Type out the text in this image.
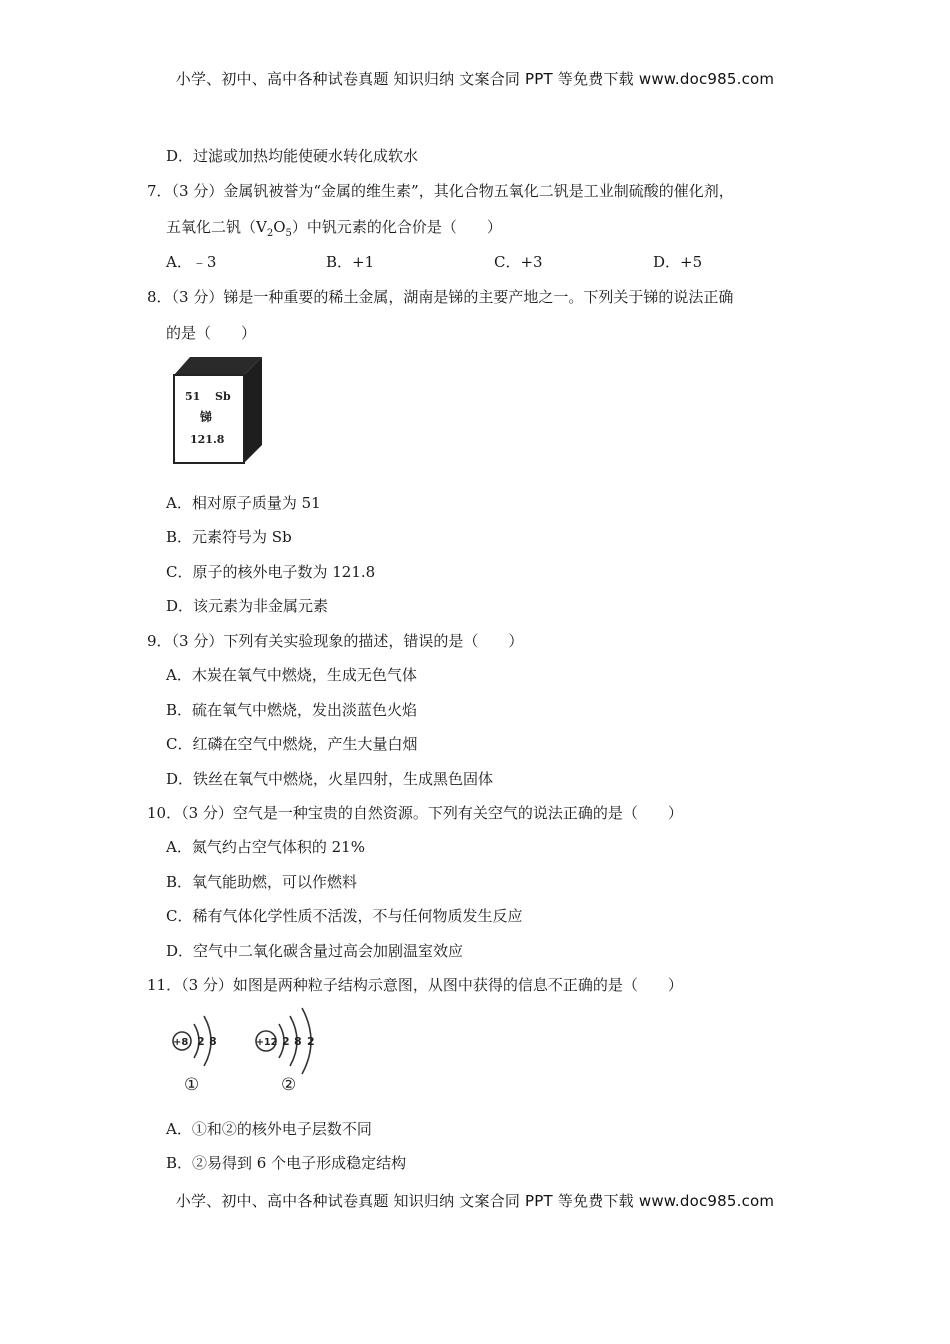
小学、初中、高中各种试卷真题 知识归纳 文案合同 PPT 等免费下载 www.doc985.com
D．过滤或加热均能使硬水转化成软水
7．（3 分）金属钒被誉为“金属的维生素”，其化合物五氧化二钒是工业制硫酸的催化剂，
五氧化二钒$(V_2O_5)$中钒元素的化合价是（　　）
A．﹣3	B．+1	C．+3	D．+5
8．（3 分）锑是一种重要的稀土金属，湖南是锑的主要产地之一。下列关于锑的说法正确
的是（　　）
51 Sb
锑
121.8
A．相对原子质量为 51
B．元素符号为 Sb
C．原子的核外电子数为 121.8
D．该元素为非金属元素
9．（3 分）下列有关实验现象的描述，错误的是（　　）
A．木炭在氧气中燃烧，生成无色气体
B．硫在氧气中燃烧，发出淡蓝色火焰
C．红磷在空气中燃烧，产生大量白烟
D．铁丝在氧气中燃烧，火星四射，生成黑色固体
10．（3 分）空气是一种宝贵的自然资源。下列有关空气的说法正确的是（　　）
A．氮气约占空气体积的 21%
B．氧气能助燃，可以作燃料
C．稀有气体化学性质不活泼，不与任何物质发生反应
D．空气中二氧化碳含量过高会加剧温室效应
11．（3 分）如图是两种粒子结构示意图，从图中获得的信息不正确的是（　　）
+8 2 8
①
+12 2 8 2
②
A．①和②的核外电子层数不同
B．②易得到 6 个电子形成稳定结构
小学、初中、高中各种试卷真题 知识归纳 文案合同 PPT 等免费下载 www.doc985.com
